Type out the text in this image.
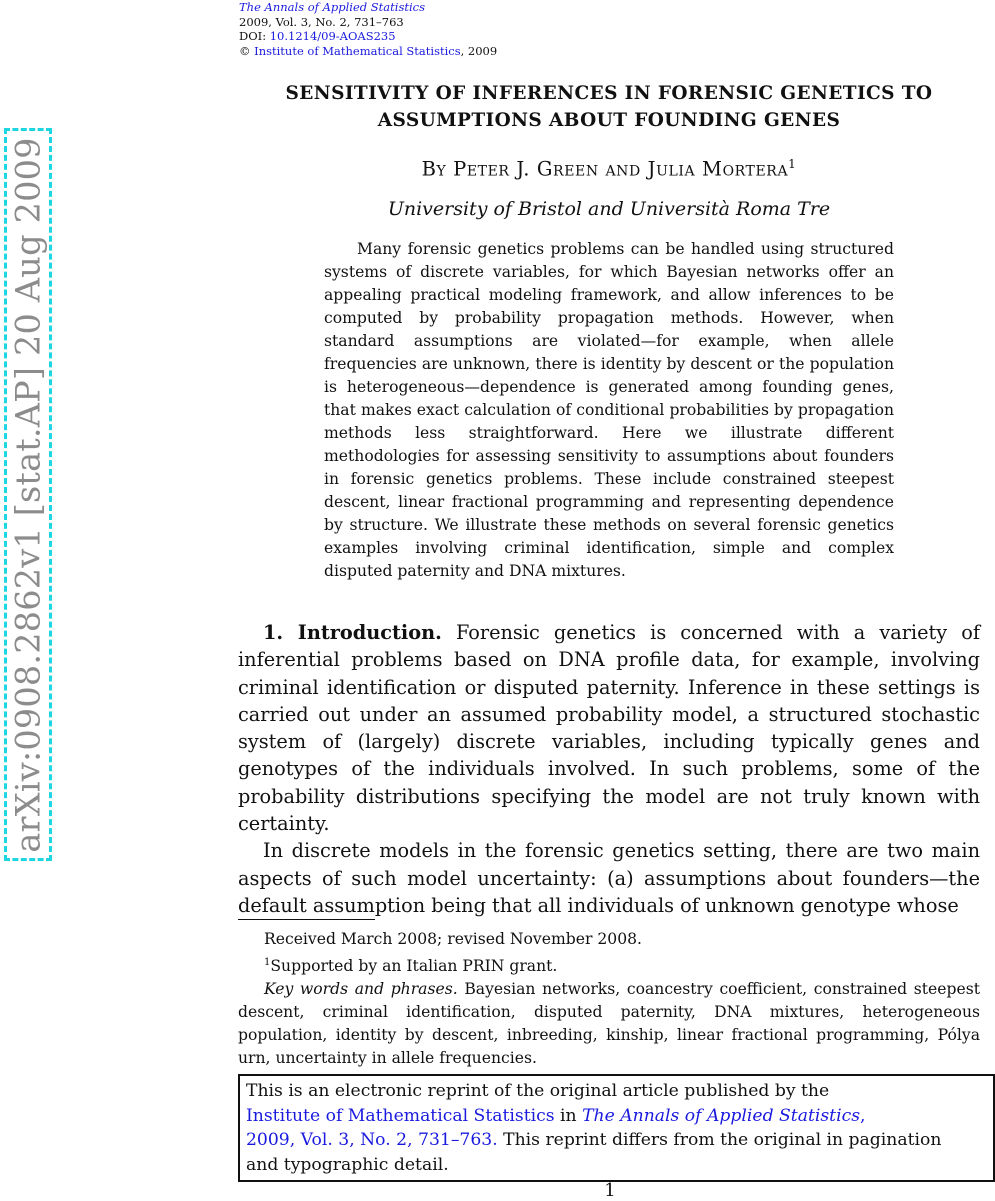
The Annals of Applied Statistics
2009, Vol. 3, No. 2, 731–763
DOI: 10.1214/09-AOAS235
© Institute of Mathematical Statistics, 2009
arXiv:0908.2862v1 [stat.AP] 20 Aug 2009
SENSITIVITY OF INFERENCES IN FORENSIC GENETICS TO
ASSUMPTIONS ABOUT FOUNDING GENES
By Peter J. Green and Julia Mortera$^1$
University of Bristol and Università Roma Tre

Many forensic genetics problems can be handled using structured systems of discrete variables, for which Bayesian networks offer an appealing practical modeling framework, and allow inferences to be computed by probability propagation methods. However, when standard assumptions are violated—for example, when allele frequencies are unknown, there is identity by descent or the population is heterogeneous—dependence is generated among founding genes, that makes exact calculation of conditional probabilities by propagation methods less straightforward. Here we illustrate different methodologies for assessing sensitivity to assumptions about founders in forensic genetics problems. These include constrained steepest descent, linear fractional programming and representing dependence by structure. We illustrate these methods on several forensic genetics examples involving criminal identification, simple and complex disputed paternity and DNA mixtures.

1. Introduction. Forensic genetics is concerned with a variety of inferential problems based on DNA profile data, for example, involving criminal identification or disputed paternity. Inference in these settings is carried out under an assumed probability model, a structured stochastic system of (largely) discrete variables, including typically genes and genotypes of the individuals involved. In such problems, some of the probability distributions specifying the model are not truly known with certainty.

In discrete models in the forensic genetics setting, there are two main aspects of such model uncertainty: (a) assumptions about founders—the default assumption being that all individuals of unknown genotype whose

Received March 2008; revised November 2008.

$^1$Supported by an Italian PRIN grant.

Key words and phrases. Bayesian networks, coancestry coefficient, constrained steepest descent, criminal identification, disputed paternity, DNA mixtures, heterogeneous population, identity by descent, inbreeding, kinship, linear fractional programming, Pólya urn, uncertainty in allele frequencies.

This is an electronic reprint of the original article published by the
Institute of Mathematical Statistics in The Annals of Applied Statistics,
2009, Vol. 3, No. 2, 731–763. This reprint differs from the original in pagination
and typographic detail.
1
